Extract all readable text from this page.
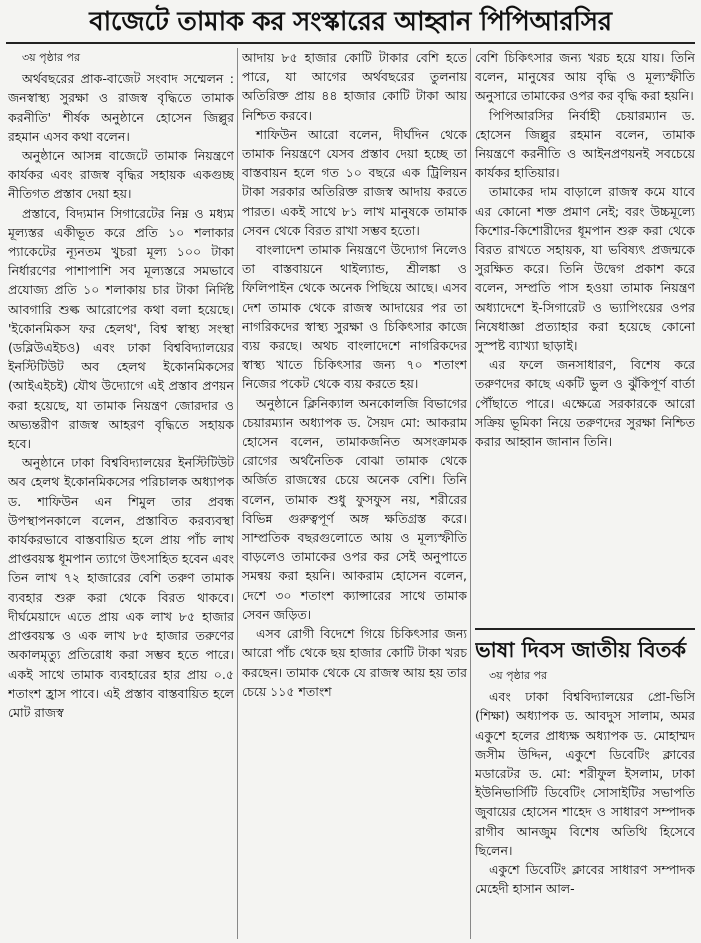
বাজেটে তামাক কর সংস্কারের আহ্বান পিপিআরসির

৩য় পৃষ্ঠার পর

অর্থবছরের প্রাক-বাজেট সংবাদ সম্মেলন : জনস্বাস্থ্য সুরক্ষা ও রাজস্ব বৃদ্ধিতে তামাক করনীতি' শীর্ষক অনুষ্ঠানে হোসেন জিল্লুর রহমান এসব কথা বলেন।

অনুষ্ঠানে আসন্ন বাজেটে তামাক নিয়ন্ত্রণে কার্যকর এবং রাজস্ব বৃদ্ধির সহায়ক একগুচ্ছ নীতিগত প্রস্তাব দেয়া হয়।

প্রস্তাবে, বিদ্যমান সিগারেটের নিম্ন ও মধ্যম মূল্যস্তর একীভূত করে প্রতি ১০ শলাকার প্যাকেটের ন্যূনতম খুচরা মূল্য ১০০ টাকা নির্ধারণের পাশাপাশি সব মূল্যস্তরে সমভাবে প্রযোজ্য প্রতি ১০ শলাকায় চার টাকা নির্দিষ্ট আবগারি শুল্ক আরোপের কথা বলা হয়েছে। 'ইকোনমিকস ফর হেলথ', বিশ্ব স্বাস্থ্য সংস্থা (ডব্লিউএইচও) এবং ঢাকা বিশ্ববিদ্যালয়ের ইনস্টিটিউট অব হেলথ ইকোনমিকসের (আইএইচই) যৌথ উদ্যোগে এই প্রস্তাব প্রণয়ন করা হয়েছে, যা তামাক নিয়ন্ত্রণ জোরদার ও অভ্যন্তরীণ রাজস্ব আহরণ বৃদ্ধিতে সহায়ক হবে।

অনুষ্ঠানে ঢাকা বিশ্ববিদ্যালয়ের ইনস্টিটিউট অব হেলথ ইকোনমিকসের পরিচালক অধ্যাপক ড. শাফিউন এন শিমুল তার প্রবন্ধ উপস্থাপনকালে বলেন, প্রস্তাবিত করব্যবস্থা কার্যকরভাবে বাস্তবায়িত হলে প্রায় পাঁচ লাখ প্রাপ্তবয়স্ক ধূমপান ত্যাগে উৎসাহিত হবেন এবং তিন লাখ ৭২ হাজারের বেশি তরুণ তামাক ব্যবহার শুরু করা থেকে বিরত থাকবে। দীর্ঘমেয়াদে এতে প্রায় এক লাখ ৮৫ হাজার প্রাপ্তবয়স্ক ও এক লাখ ৮৫ হাজার তরুণের অকালমৃত্যু প্রতিরোধ করা সম্ভব হতে পারে। একই সাথে তামাক ব্যবহারের হার প্রায় ০.৫ শতাংশ হ্রাস পাবে। এই প্রস্তাব বাস্তবায়িত হলে মোট রাজস্ব

আদায় ৮৫ হাজার কোটি টাকার বেশি হতে পারে, যা আগের অর্থবছরের তুলনায় অতিরিক্ত প্রায় ৪৪ হাজার কোটি টাকা আয় নিশ্চিত করবে।

শাফিউন আরো বলেন, দীর্ঘদিন থেকে তামাক নিয়ন্ত্রণে যেসব প্রস্তাব দেয়া হচ্ছে তা বাস্তবায়ন হলে গত ১০ বছরে এক ট্রিলিয়ন টাকা সরকার অতিরিক্ত রাজস্ব আদায় করতে পারত। একই সাথে ৮১ লাখ মানুষকে তামাক সেবন থেকে বিরত রাখা সম্ভব হতো।

বাংলাদেশ তামাক নিয়ন্ত্রণে উদ্যোগ নিলেও তা বাস্তবায়নে থাইল্যান্ড, শ্রীলঙ্কা ও ফিলিপাইন থেকে অনেক পিছিয়ে আছে। এসব দেশ তামাক থেকে রাজস্ব আদায়ের পর তা নাগরিকদের স্বাস্থ্য সুরক্ষা ও চিকিৎসার কাজে ব্যয় করছে। অথচ বাংলাদেশে নাগরিকদের স্বাস্থ্য খাতে চিকিৎসার জন্য ৭০ শতাংশ নিজের পকেট থেকে ব্যয় করতে হয়।

অনুষ্ঠানে ক্লিনিক্যাল অনকোলজি বিভাগের চেয়ারম্যান অধ্যাপক ড. সৈয়দ মো: আকরাম হোসেন বলেন, তামাকজনিত অসংক্রামক রোগের অর্থনৈতিক বোঝা তামাক থেকে অর্জিত রাজস্বের চেয়ে অনেক বেশি। তিনি বলেন, তামাক শুধু ফুসফুস নয়, শরীরের বিভিন্ন গুরুত্বপূর্ণ অঙ্গ ক্ষতিগ্রস্ত করে। সাম্প্রতিক বছরগুলোতে আয় ও মূল্যস্ফীতি বাড়লেও তামাকের ওপর কর সেই অনুপাতে সমন্বয় করা হয়নি। আকরাম হোসেন বলেন, দেশে ৩০ শতাংশ ক্যান্সারের সাথে তামাক সেবন জড়িত।

এসব রোগী বিদেশে গিয়ে চিকিৎসার জন্য আরো পাঁচ থেকে ছয় হাজার কোটি টাকা খরচ করছেন। তামাক থেকে যে রাজস্ব আয় হয় তার চেয়ে ১১৫ শতাংশ

বেশি চিকিৎসার জন্য খরচ হয়ে যায়। তিনি বলেন, মানুষের আয় বৃদ্ধি ও মূল্যস্ফীতি অনুসারে তামাকের ওপর কর বৃদ্ধি করা হয়নি।

পিপিআরসির নির্বাহী চেয়ারম্যান ড. হোসেন জিল্লুর রহমান বলেন, তামাক নিয়ন্ত্রণে করনীতি ও আইনপ্রণয়নই সবচেয়ে কার্যকর হাতিয়ার।

তামাকের দাম বাড়ালে রাজস্ব কমে যাবে এর কোনো শক্ত প্রমাণ নেই; বরং উচ্চমূল্যে কিশোর-কিশোরীদের ধূমপান শুরু করা থেকে বিরত রাখতে সহায়ক, যা ভবিষ্যৎ প্রজন্মকে সুরক্ষিত করে। তিনি উদ্বেগ প্রকাশ করে বলেন, সম্প্রতি পাস হওয়া তামাক নিয়ন্ত্রণ অধ্যাদেশে ই-সিগারেট ও ভ্যাপিংয়ের ওপর নিষেধাজ্ঞা প্রত্যাহার করা হয়েছে কোনো সুস্পষ্ট ব্যাখ্যা ছাড়াই।

এর ফলে জনসাধারণ, বিশেষ করে তরুণদের কাছে একটি ভুল ও ঝুঁকিপূর্ণ বার্তা পৌঁছাতে পারে। এক্ষেত্রে সরকারকে আরো সক্রিয় ভূমিকা নিয়ে তরুণদের সুরক্ষা নিশ্চিত করার আহ্বান জানান তিনি।

ভাষা দিবস জাতীয় বিতর্ক

৩য় পৃষ্ঠার পর

এবং ঢাকা বিশ্ববিদ্যালয়ের প্রো-ভিসি (শিক্ষা) অধ্যাপক ড. আবদুস সালাম, অমর একুশে হলের প্রাধ্যক্ষ অধ্যাপক ড. মোহাম্মদ জসীম উদ্দিন, একুশে ডিবেটিং ক্লাবের মডারেটর ড. মো: শরীফুল ইসলাম, ঢাকা ইউনিভার্সিটি ডিবেটিং সোসাইটির সভাপতি জুবায়ের হোসেন শাহেদ ও সাধারণ সম্পাদক রাগীব আনজুম বিশেষ অতিথি হিসেবে ছিলেন।

একুশে ডিবেটিং ক্লাবের সাধারণ সম্পাদক মেহেদী হাসান আল-
